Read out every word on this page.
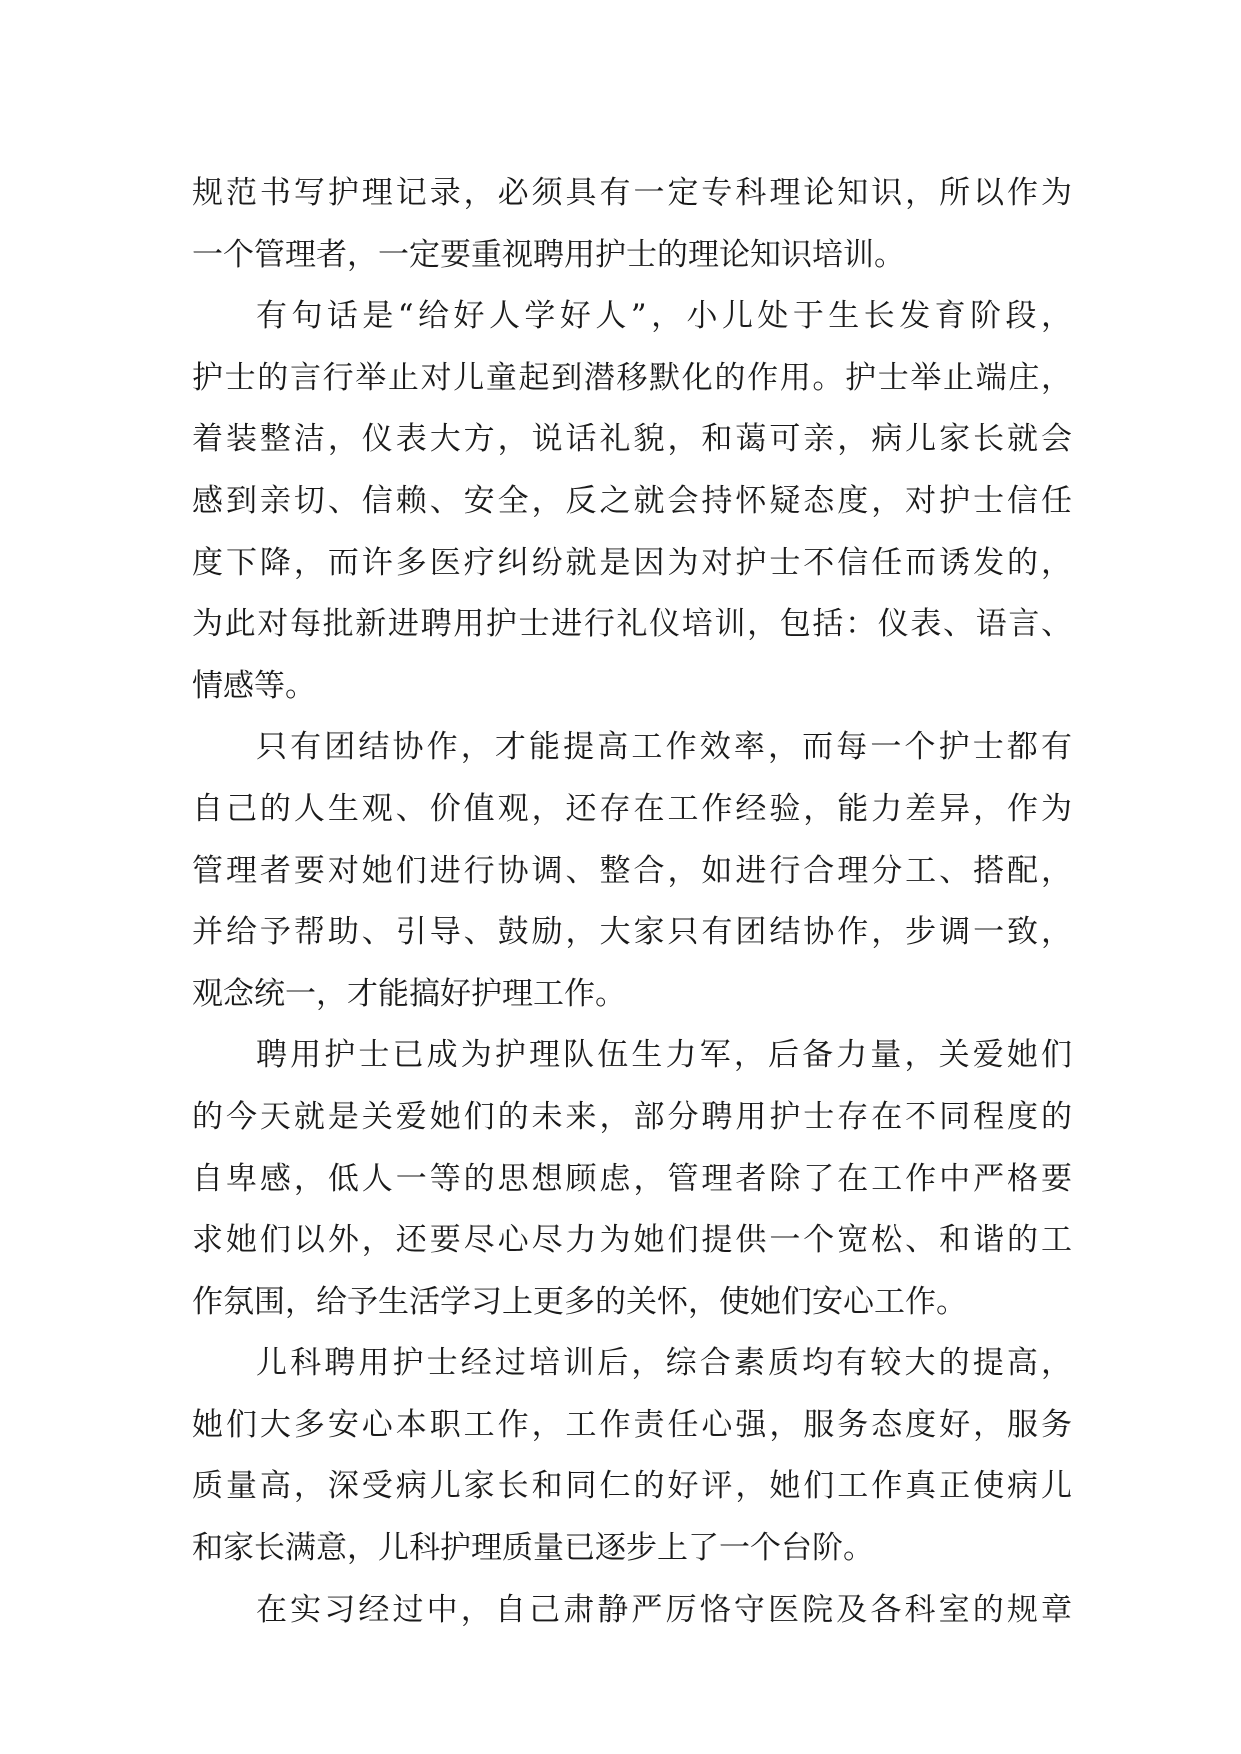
规范书写护理记录，必须具有一定专科理论知识，所以作为
一个管理者，一定要重视聘用护士的理论知识培训。
有句话是“给好人学好人”，小儿处于生长发育阶段，
护士的言行举止对儿童起到潜移默化的作用。护士举止端庄，
着装整洁，仪表大方，说话礼貌，和蔼可亲，病儿家长就会
感到亲切、信赖、安全，反之就会持怀疑态度，对护士信任
度下降，而许多医疗纠纷就是因为对护士不信任而诱发的，
为此对每批新进聘用护士进行礼仪培训，包括：仪表、语言、
情感等。
只有团结协作，才能提高工作效率，而每一个护士都有
自己的人生观、价值观，还存在工作经验，能力差异，作为
管理者要对她们进行协调、整合，如进行合理分工、搭配，
并给予帮助、引导、鼓励，大家只有团结协作，步调一致，
观念统一，才能搞好护理工作。
聘用护士已成为护理队伍生力军，后备力量，关爱她们
的今天就是关爱她们的未来，部分聘用护士存在不同程度的
自卑感，低人一等的思想顾虑，管理者除了在工作中严格要
求她们以外，还要尽心尽力为她们提供一个宽松、和谐的工
作氛围，给予生活学习上更多的关怀，使她们安心工作。
儿科聘用护士经过培训后，综合素质均有较大的提高，
她们大多安心本职工作，工作责任心强，服务态度好，服务
质量高，深受病儿家长和同仁的好评，她们工作真正使病儿
和家长满意，儿科护理质量已逐步上了一个台阶。
在实习经过中，自己肃静严厉恪守医院及各科室的规章
